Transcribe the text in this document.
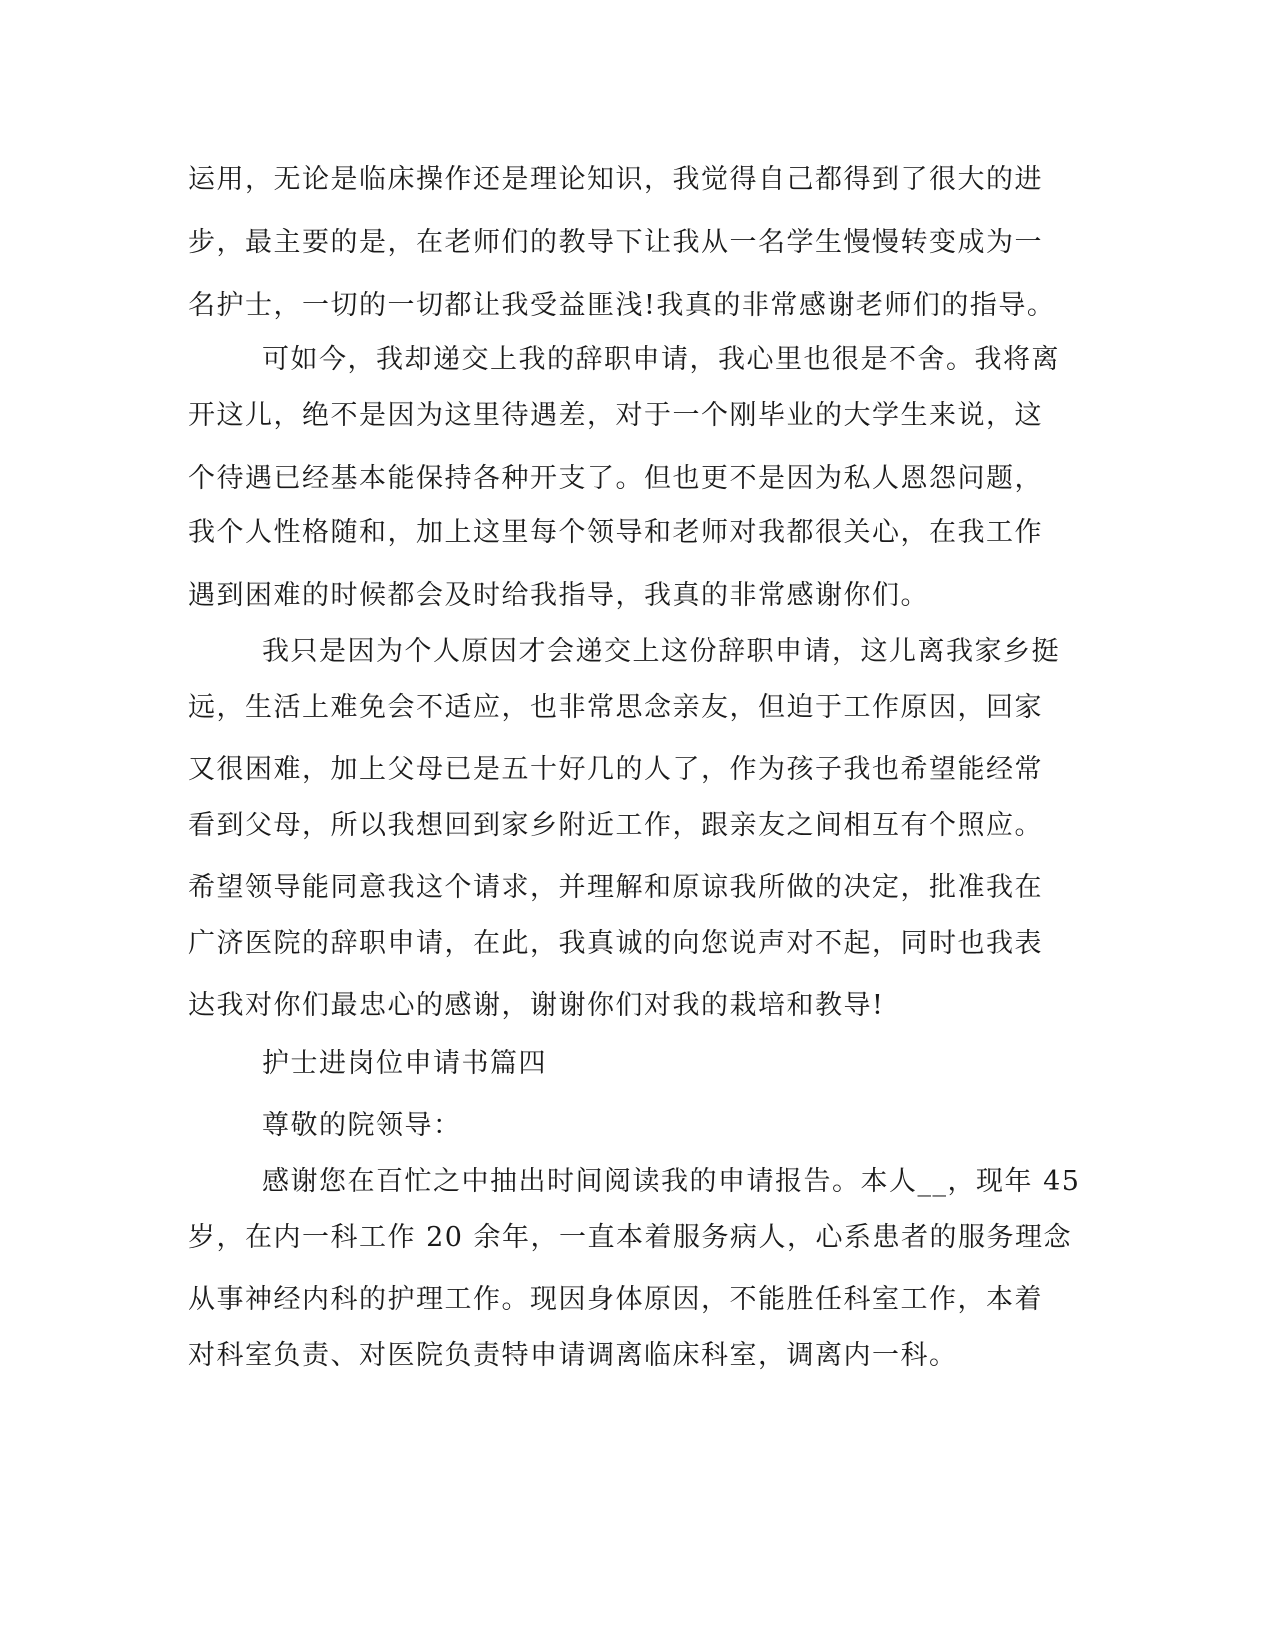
运用，无论是临床操作还是理论知识，我觉得自己都得到了很大的进
步，最主要的是，在老师们的教导下让我从一名学生慢慢转变成为一
名护士，一切的一切都让我受益匪浅!我真的非常感谢老师们的指导。
可如今，我却递交上我的辞职申请，我心里也很是不舍。我将离
开这儿，绝不是因为这里待遇差，对于一个刚毕业的大学生来说，这
个待遇已经基本能保持各种开支了。但也更不是因为私人恩怨问题，
我个人性格随和，加上这里每个领导和老师对我都很关心，在我工作
遇到困难的时候都会及时给我指导，我真的非常感谢你们。
我只是因为个人原因才会递交上这份辞职申请，这儿离我家乡挺
远，生活上难免会不适应，也非常思念亲友，但迫于工作原因，回家
又很困难，加上父母已是五十好几的人了，作为孩子我也希望能经常
看到父母，所以我想回到家乡附近工作，跟亲友之间相互有个照应。
希望领导能同意我这个请求，并理解和原谅我所做的决定，批准我在
广济医院的辞职申请，在此，我真诚的向您说声对不起，同时也我表
达我对你们最忠心的感谢，谢谢你们对我的栽培和教导!
护士进岗位申请书篇四
尊敬的院领导：
感谢您在百忙之中抽出时间阅读我的申请报告。本人__，现年 45
岁，在内一科工作 20 余年，一直本着服务病人，心系患者的服务理念
从事神经内科的护理工作。现因身体原因，不能胜任科室工作，本着
对科室负责、对医院负责特申请调离临床科室，调离内一科。
